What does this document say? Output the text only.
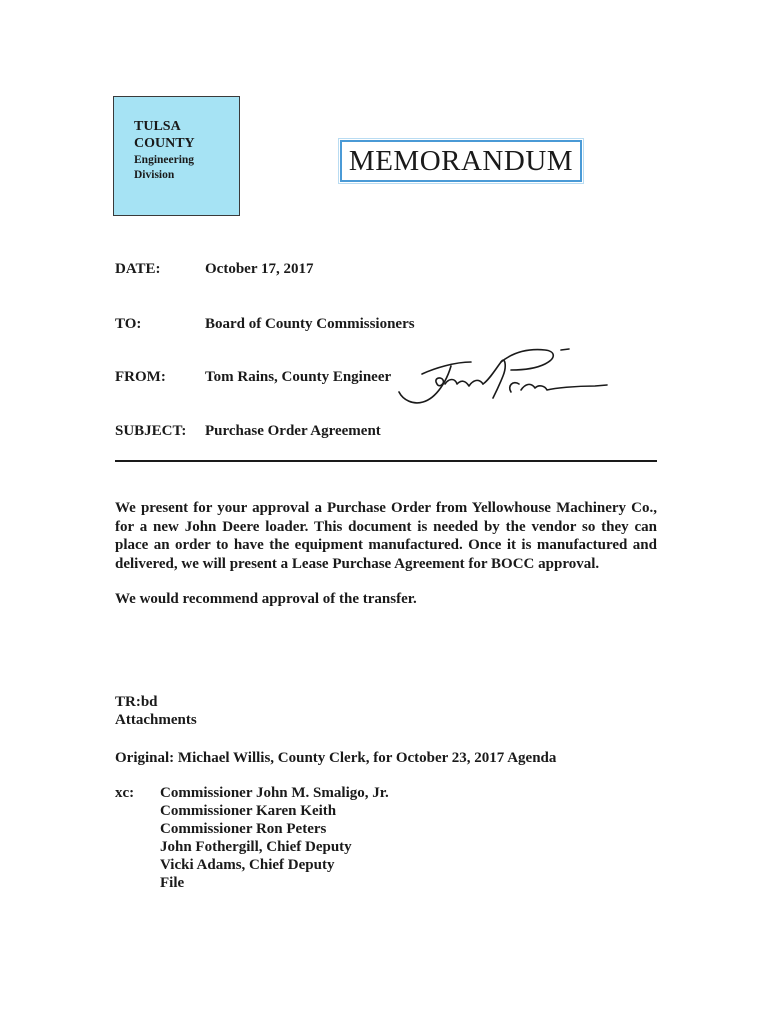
TULSA
COUNTY
Engineering
Division	MEMORANDUM
DATE:	October 17, 2017
TO:	Board of County Commissioners
FROM:	Tom Rains, County Engineer
SUBJECT: Purchase Order Agreement
We present for your approval a Purchase Order from Yellowhouse Machinery Co., for a new John Deere loader. This document is needed by the vendor so they can place an order to have the equipment manufactured. Once it is manufactured and delivered, we will present a Lease Purchase Agreement for BOCC approval.
We would recommend approval of the transfer.
TR:bd
Attachments
Original: Michael Willis, County Clerk, for October 23, 2017 Agenda
xc: Commissioner John M. Smaligo, Jr.
Commissioner Karen Keith
Commissioner Ron Peters
John Fothergill, Chief Deputy
Vicki Adams, Chief Deputy
File
